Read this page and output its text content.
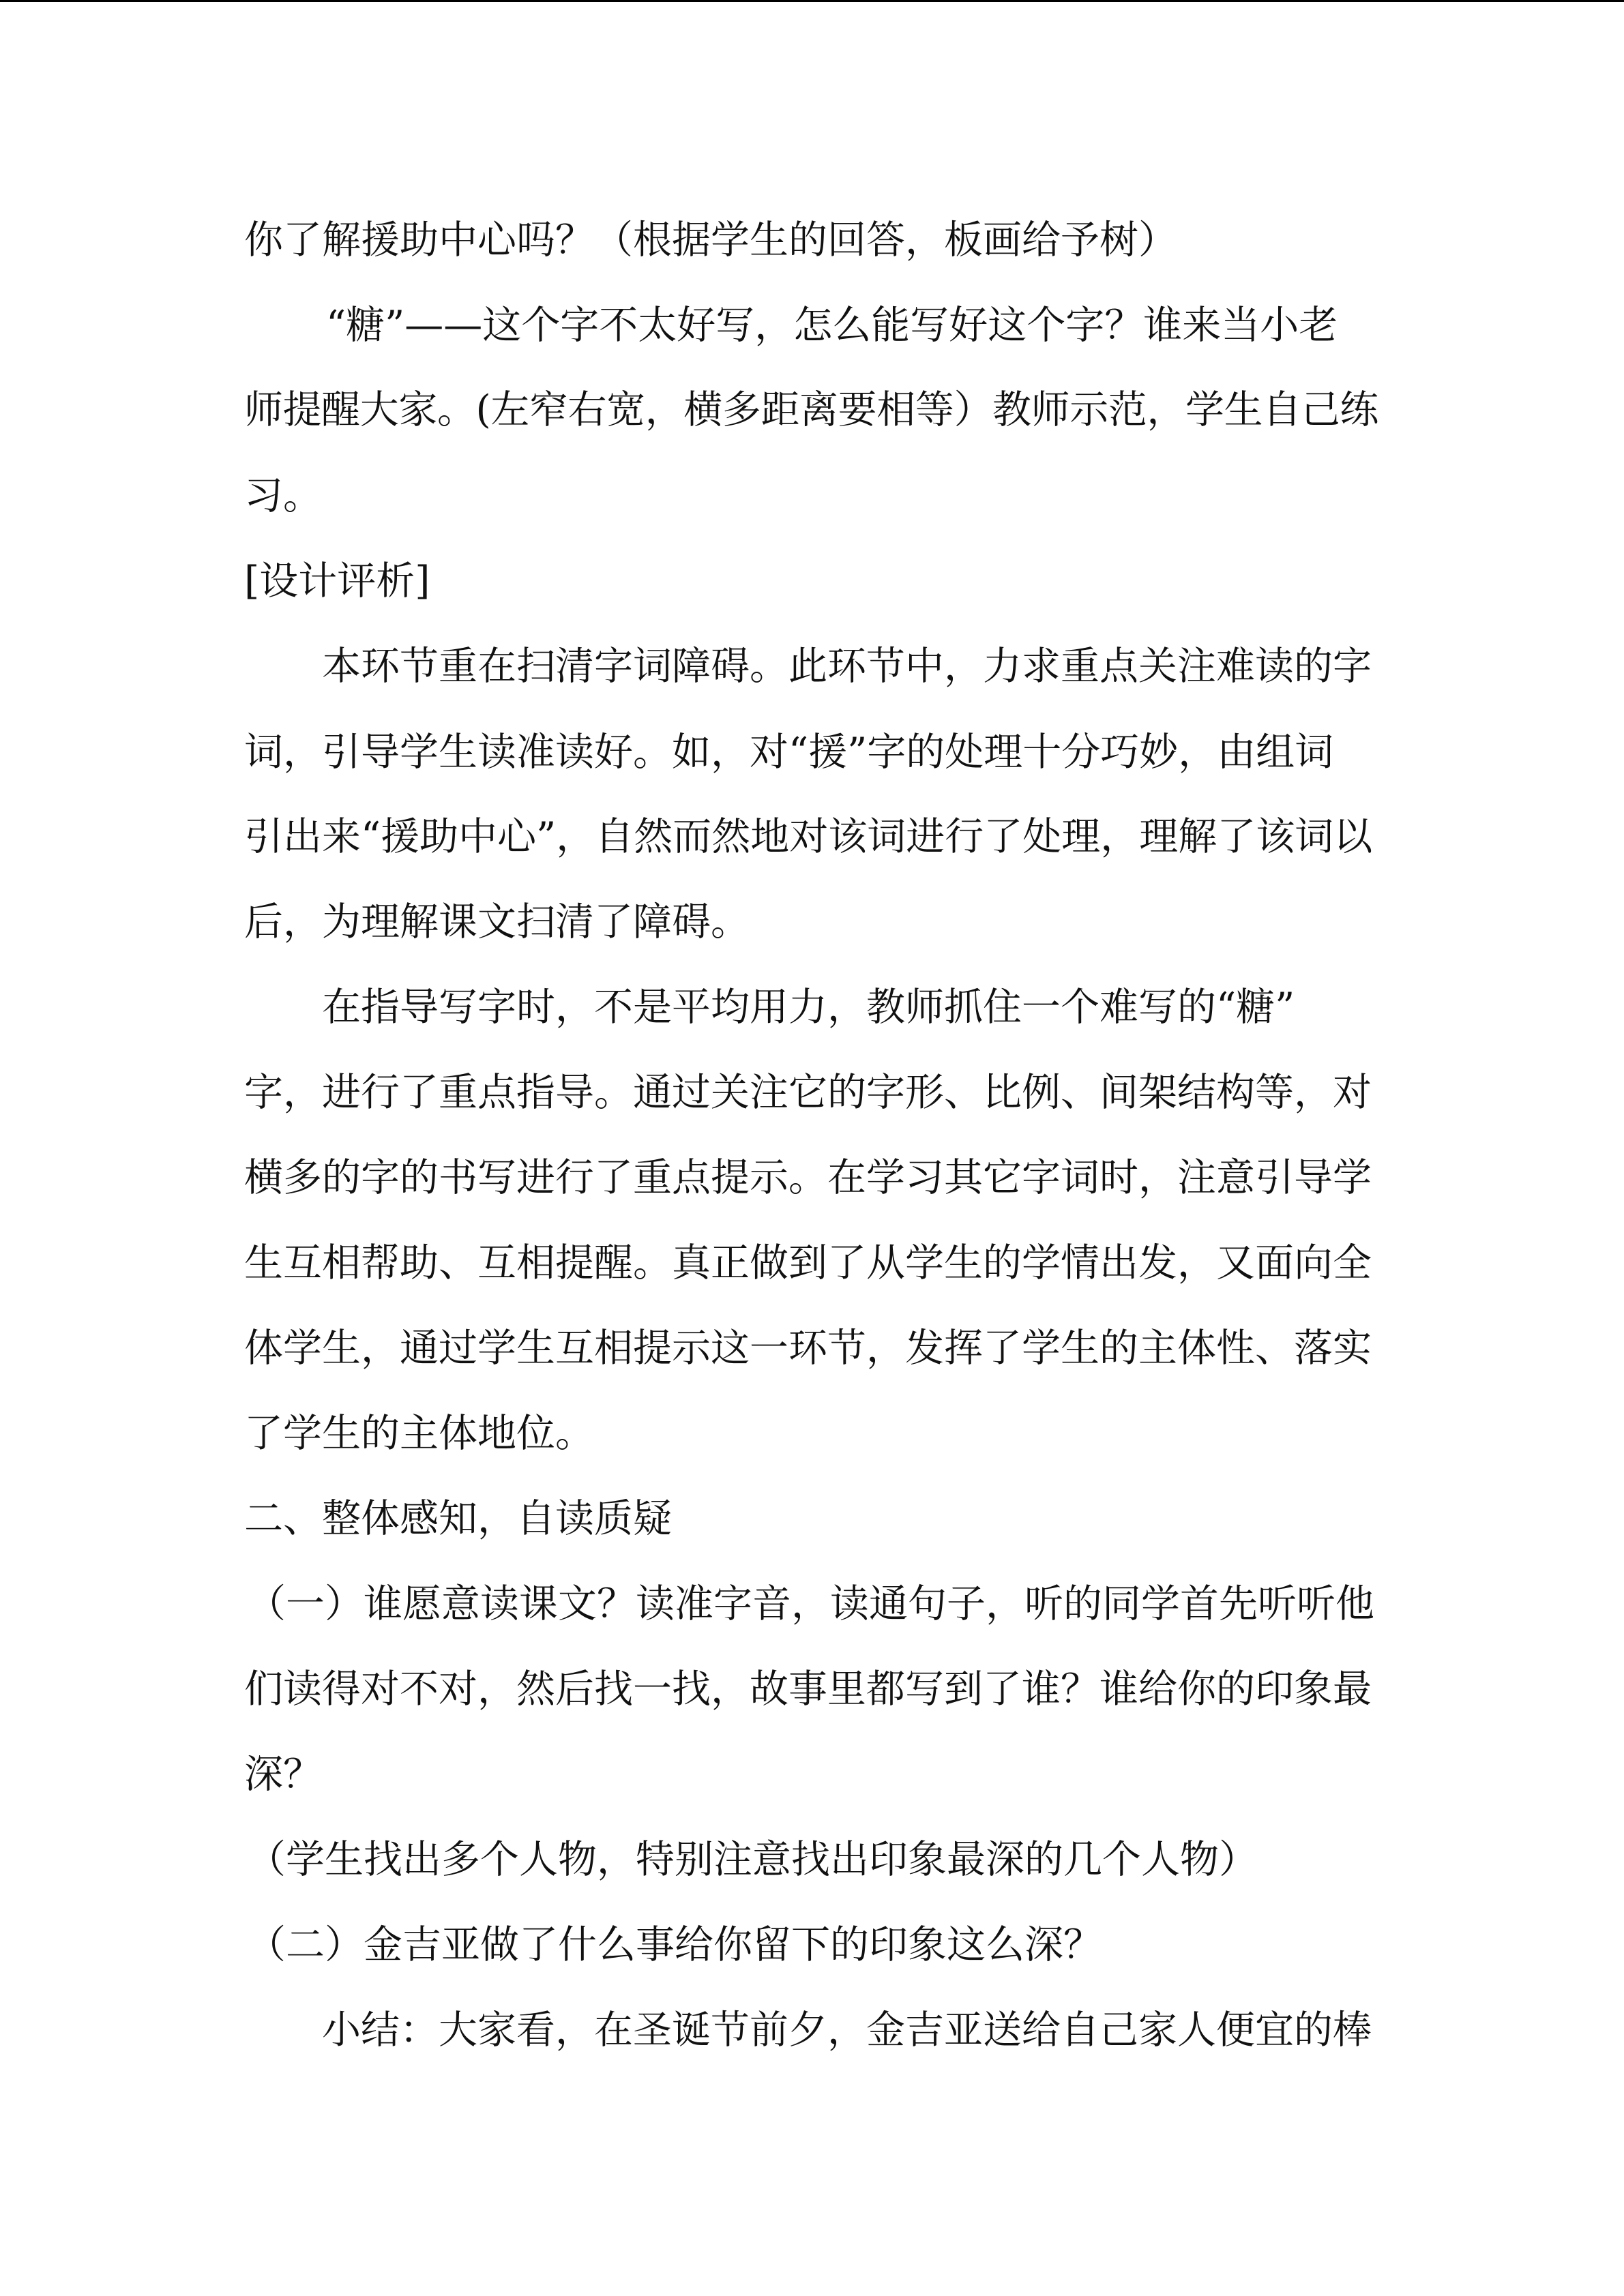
你了解援助中心吗？（根据学生的回答，板画给予树）

“糖”——这个字不太好写，怎么能写好这个字？谁来当小老

师提醒大家。(左窄右宽，横多距离要相等）教师示范，学生自己练

习。

[设计评析]

本环节重在扫清字词障碍。此环节中，力求重点关注难读的字

词，引导学生读准读好。如，对“援”字的处理十分巧妙，由组词

引出来“援助中心”，自然而然地对该词进行了处理，理解了该词以

后，为理解课文扫清了障碍。

在指导写字时，不是平均用力，教师抓住一个难写的“糖”

字，进行了重点指导。通过关注它的字形、比例、间架结构等，对

横多的字的书写进行了重点提示。在学习其它字词时，注意引导学

生互相帮助、互相提醒。真正做到了从学生的学情出发，又面向全

体学生，通过学生互相提示这一环节，发挥了学生的主体性、落实

了学生的主体地位。

二、整体感知，自读质疑

（一）谁愿意读课文？读准字音，读通句子，听的同学首先听听他

们读得对不对，然后找一找，故事里都写到了谁？谁给你的印象最

深？

（学生找出多个人物，特别注意找出印象最深的几个人物）

（二）金吉亚做了什么事给你留下的印象这么深？

小结：大家看，在圣诞节前夕，金吉亚送给自己家人便宜的棒
